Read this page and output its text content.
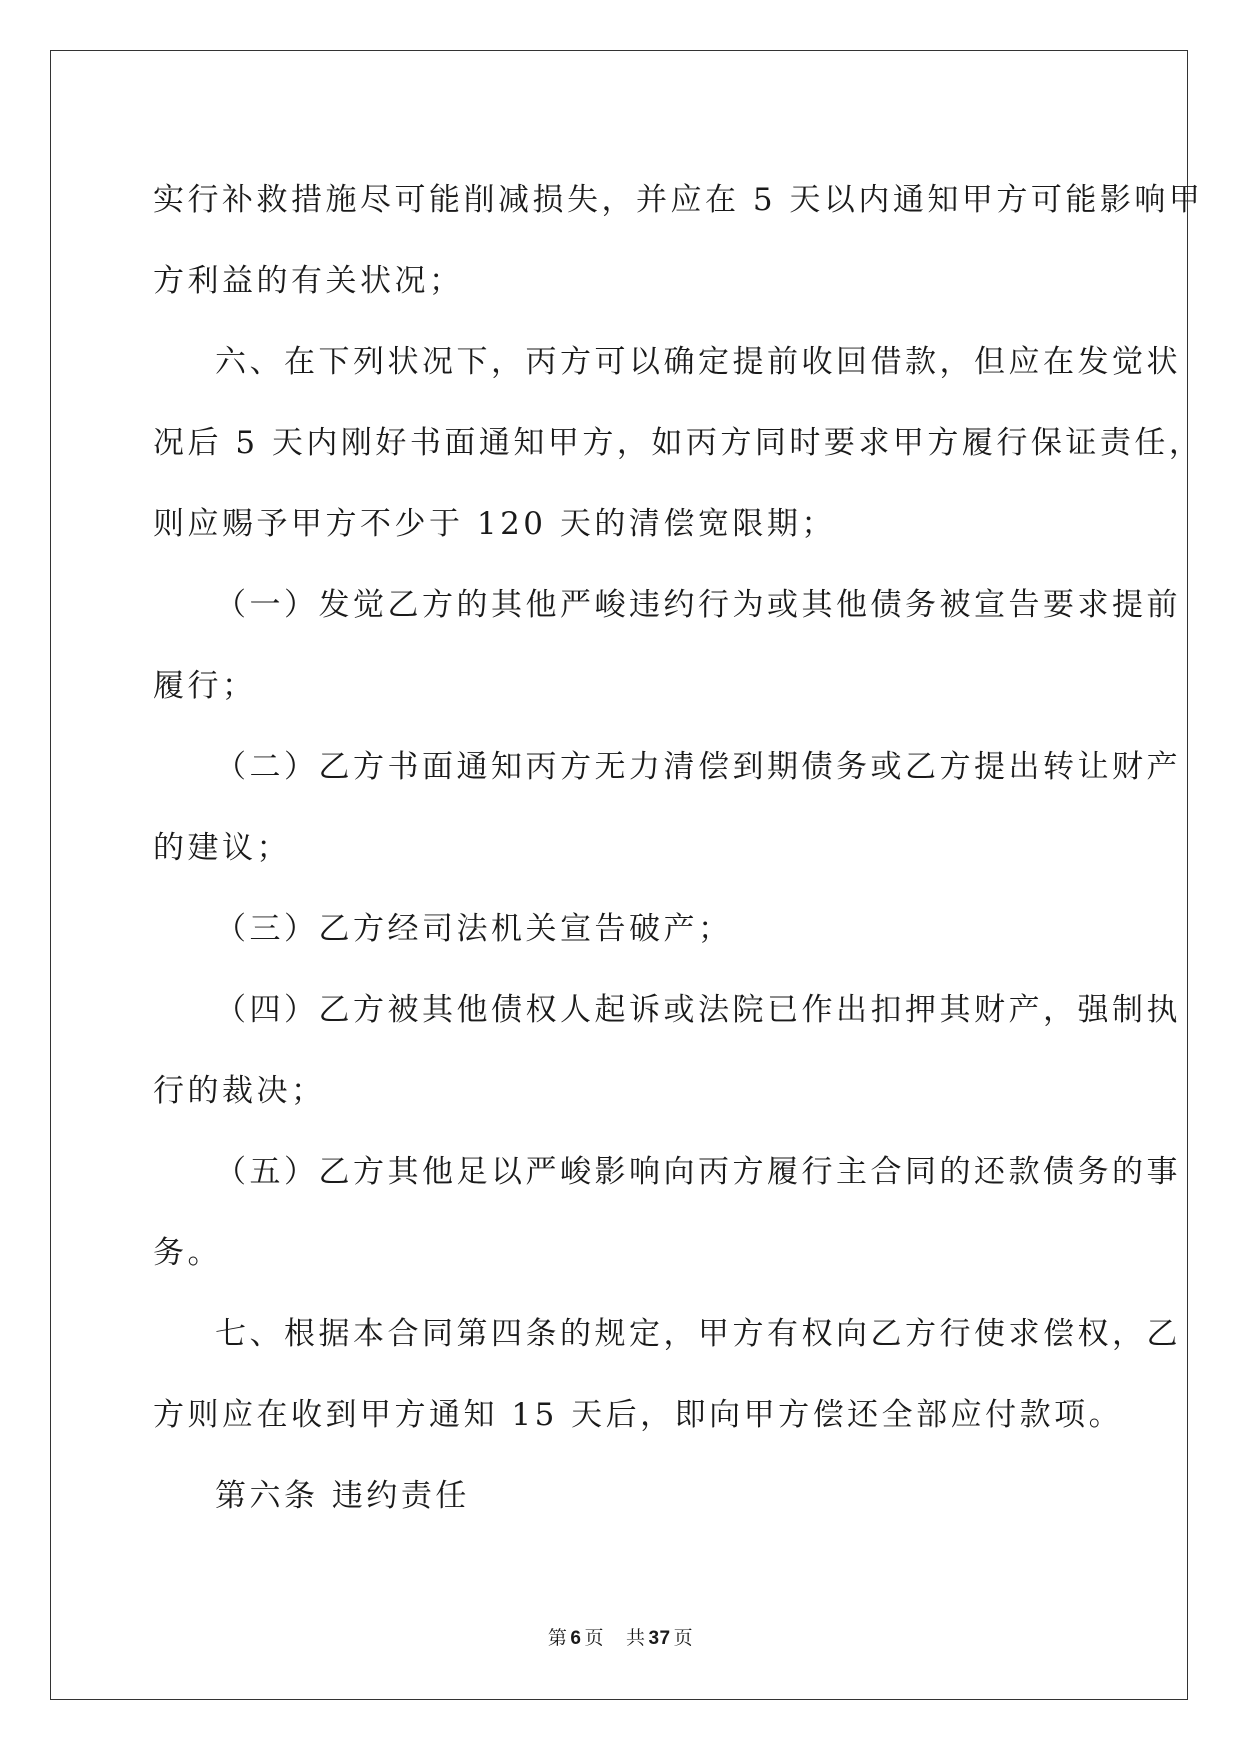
实行补救措施尽可能削减损失，并应在 5 天以内通知甲方可能影响甲
方利益的有关状况；
六、在下列状况下，丙方可以确定提前收回借款，但应在发觉状
况后 5 天内刚好书面通知甲方，如丙方同时要求甲方履行保证责任，
则应赐予甲方不少于 120 天的清偿宽限期；
（一）发觉乙方的其他严峻违约行为或其他债务被宣告要求提前
履行；
（二）乙方书面通知丙方无力清偿到期债务或乙方提出转让财产
的建议；
（三）乙方经司法机关宣告破产；
（四）乙方被其他债权人起诉或法院已作出扣押其财产，强制执
行的裁决；
（五）乙方其他足以严峻影响向丙方履行主合同的还款债务的事
务。
七、根据本合同第四条的规定，甲方有权向乙方行使求偿权，乙
方则应在收到甲方通知 15 天后，即向甲方偿还全部应付款项。
第六条 违约责任
第 6 页 共 37 页
